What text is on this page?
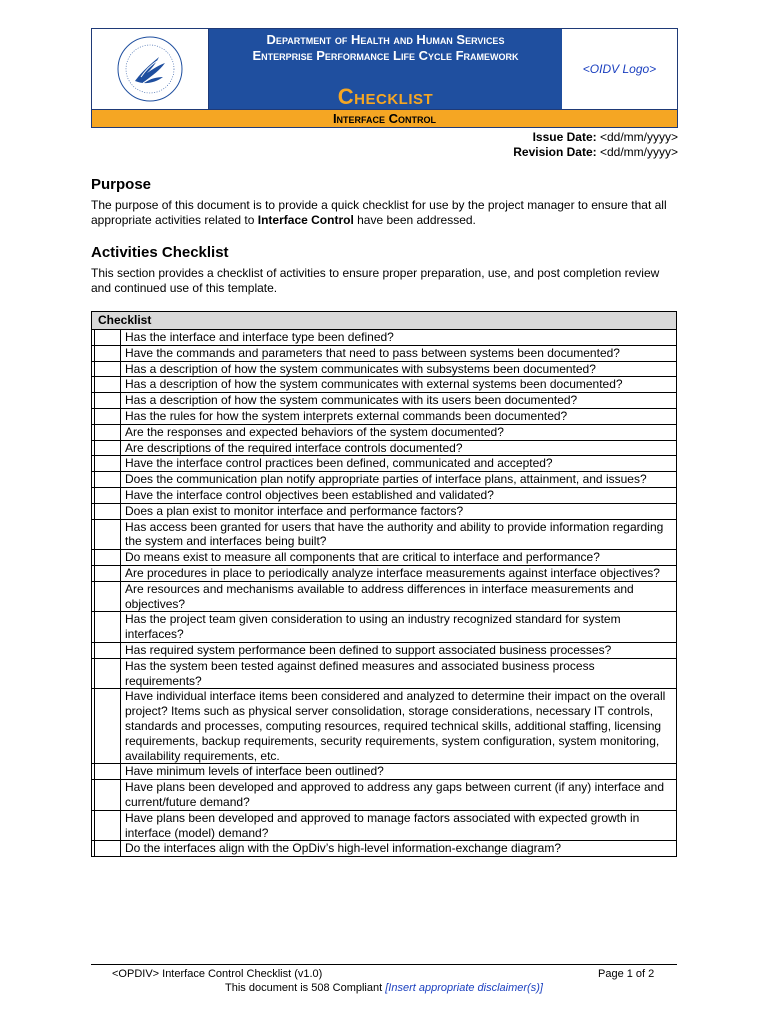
Department of Health and Human Services
Enterprise Performance Life Cycle Framework
Checklist
<OIDV Logo>
Interface Control
Issue Date: <dd/mm/yyyy>
Revision Date: <dd/mm/yyyy>
Purpose
The purpose of this document is to provide a quick checklist for use by the project manager to ensure that all appropriate activities related to Interface Control have been addressed.
Activities Checklist
This section provides a checklist of activities to ensure proper preparation, use, and post completion review and continued use of this template.
Checklist		
		Has the interface and interface type been defined?
		Have the commands and parameters that need to pass between systems been documented?
		Has a description of how the system communicates with subsystems been documented?
		Has a description of how the system communicates with external systems been documented?
		Has a description of how the system communicates with its users been documented?
		Has the rules for how the system interprets external commands been documented?
		Are the responses and expected behaviors of the system documented?
		Are descriptions of the required interface controls documented?
		Have the interface control practices been defined, communicated and accepted?
		Does the communication plan notify appropriate parties of interface plans, attainment, and issues?
		Have the interface control objectives been established and validated?
		Does a plan exist to monitor interface and performance factors?
		Has access been granted for users that have the authority and ability to provide information regarding the system and interfaces being built?
		Do means exist to measure all components that are critical to interface and performance?
		Are procedures in place to periodically analyze interface measurements against interface objectives?
		Are resources and mechanisms available to address differences in interface measurements and objectives?
		Has the project team given consideration to using an industry recognized standard for system interfaces?
		Has required system performance been defined to support associated business processes?
		Has the system been tested against defined measures and associated business process requirements?
		Have individual interface items been considered and analyzed to determine their impact on the overall project? Items such as physical server consolidation, storage considerations, necessary IT controls, standards and processes, computing resources, required technical skills, additional staffing, licensing requirements, backup requirements, security requirements, system configuration, system monitoring, availability requirements, etc.
		Have minimum levels of interface been outlined?
		Have plans been developed and approved to address any gaps between current (if any) interface and current/future demand?
		Have plans been developed and approved to manage factors associated with expected growth in interface (model) demand?
		Do the interfaces align with the OpDiv’s high-level information-exchange diagram?
<OPDIV> Interface Control Checklist (v1.0)	Page 1 of 2
This document is 508 Compliant [Insert appropriate disclaimer(s)]
